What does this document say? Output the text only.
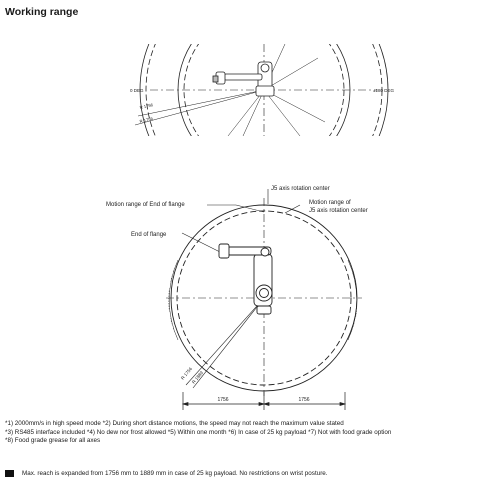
Working range
0 DEG	±180 DEG
R 1756
R 1756
J5 axis rotation center
Motion range of End of flange	Motion range of
J5 axis rotation center
End of flange
R 1756
R 1889
1756	1756
*1) 2000mm/s in high speed mode *2) During short distance motions, the speed may not reach the maximum value stated
*3) RS485 interface included *4) No dew nor frost allowed *5) Within one month *6) In case of 25 kg payload *7) Not with food grade option
*8) Food grade grease for all axes
Max. reach is expanded from 1756 mm to 1889 mm in case of 25 kg payload. No restrictions on wrist posture.
